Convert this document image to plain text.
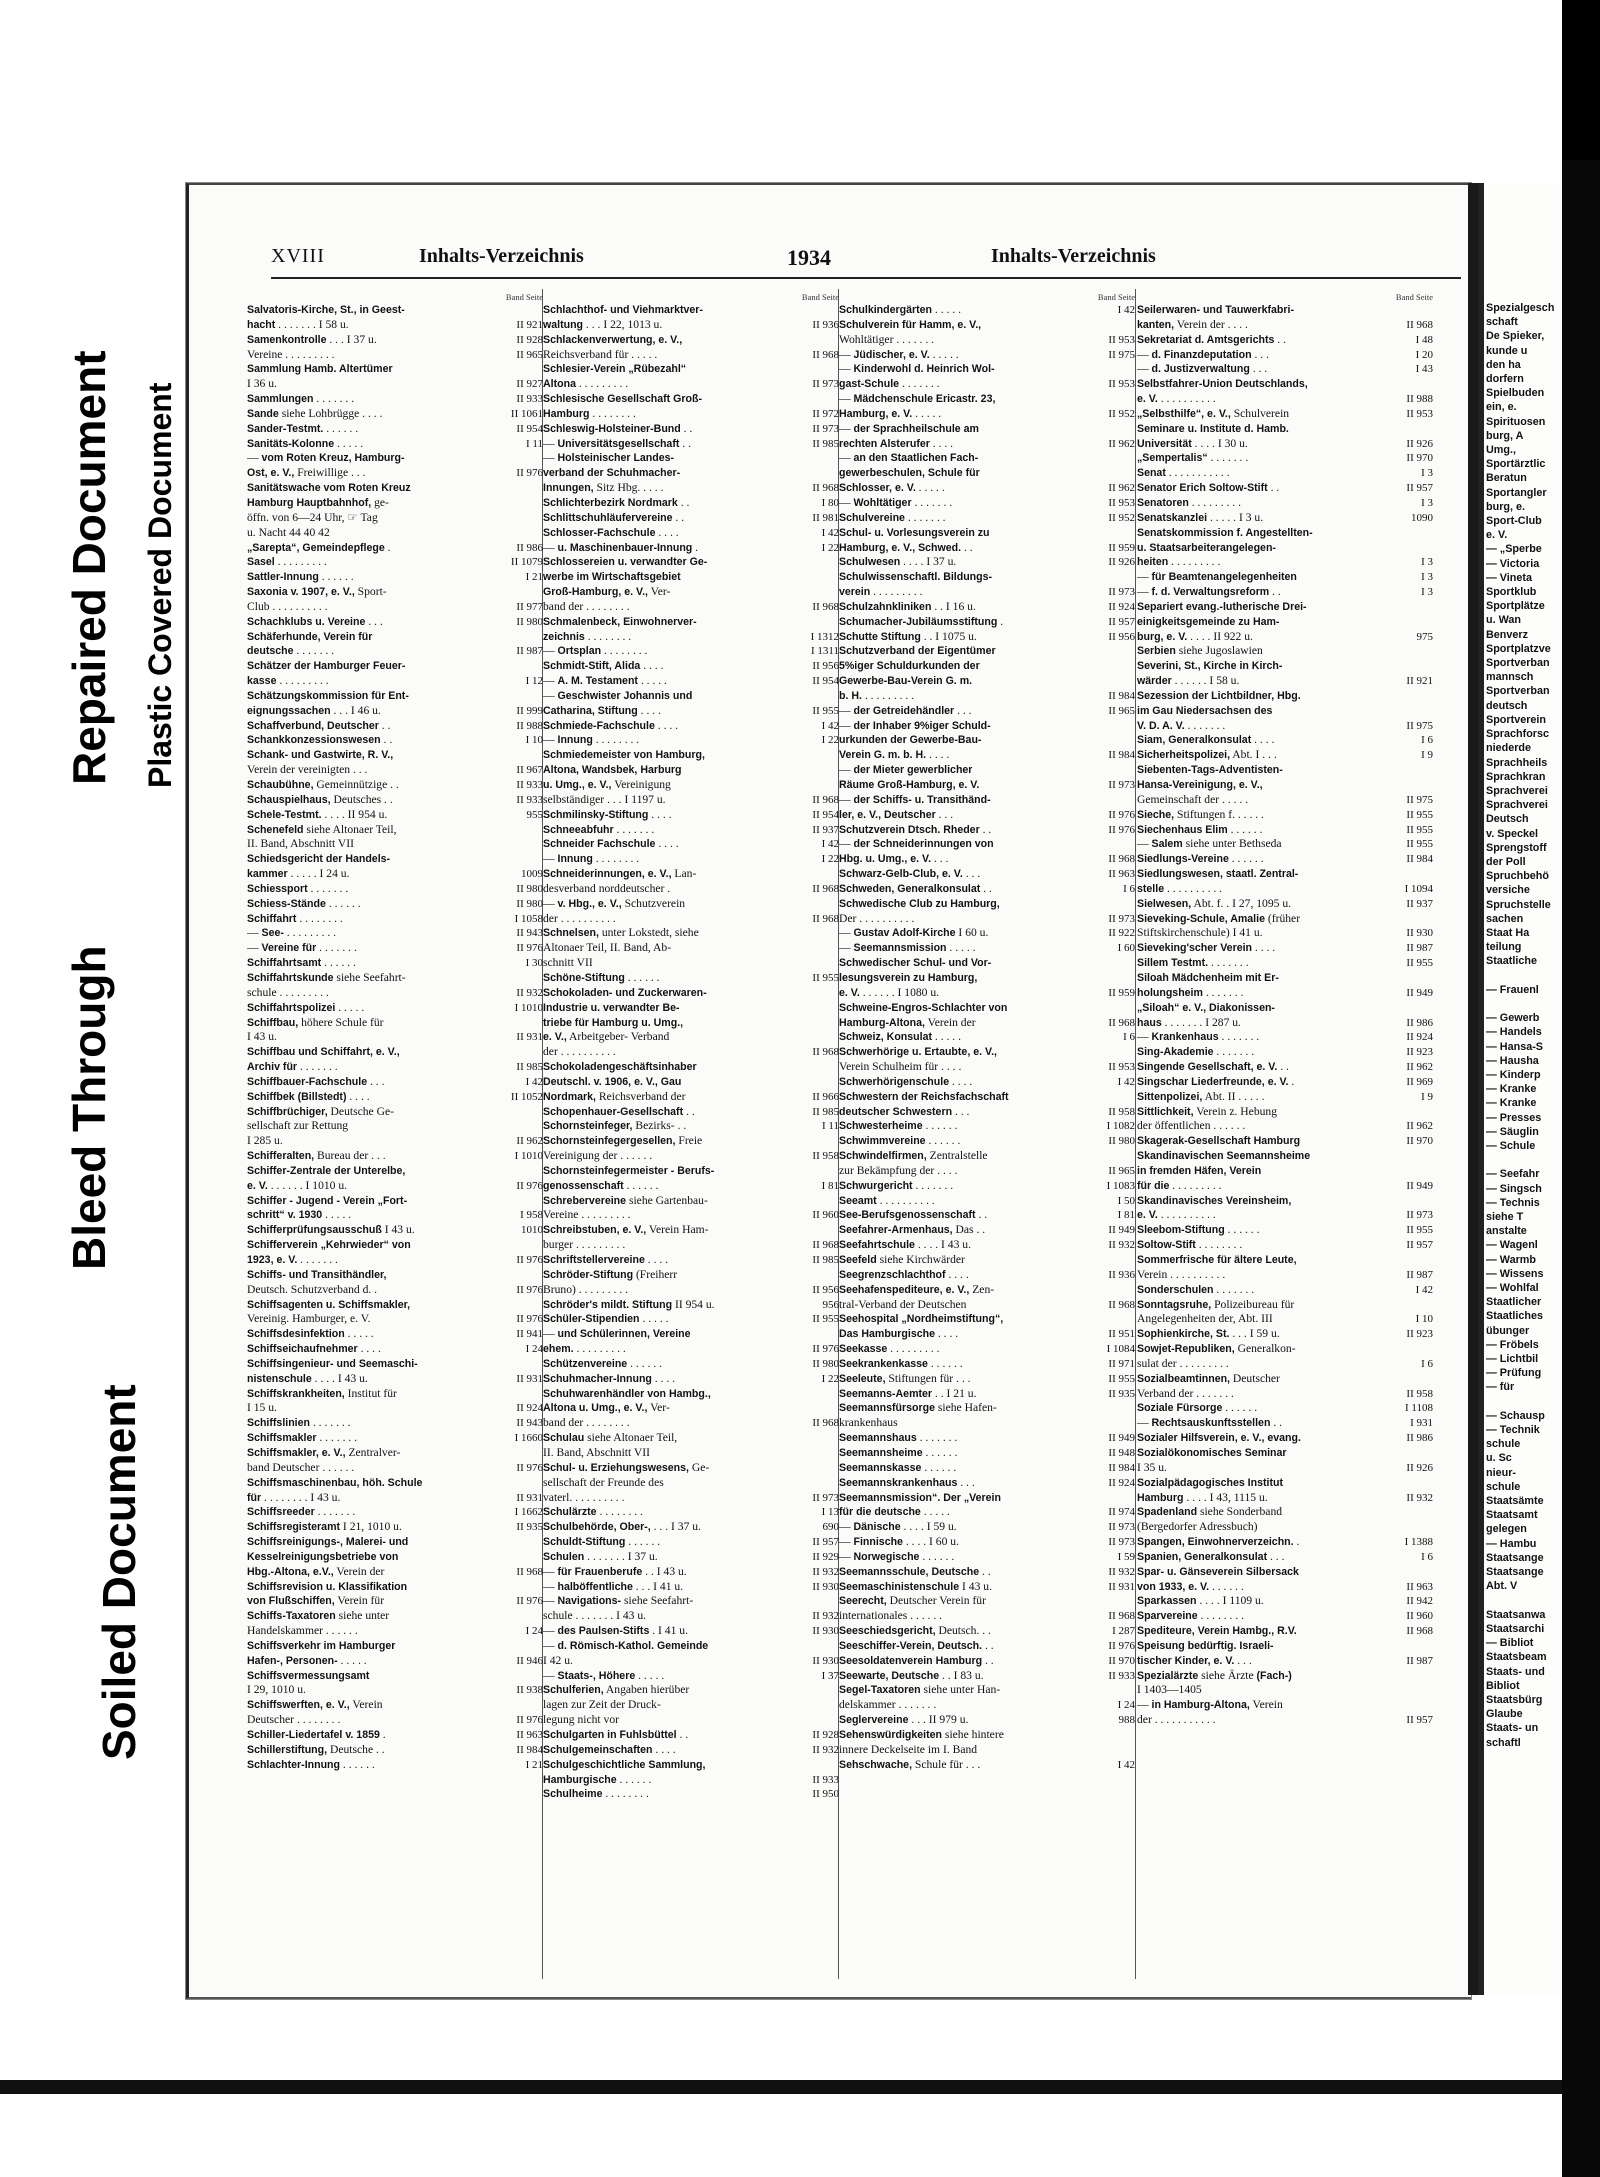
Soiled Document
Bleed Through
Repaired Document Plastic Covered Document
XVIII	Inhalts-Verzeichnis	1934	Inhalts-Verzeichnis
Band Seite
Salvatoris-Kirche, St., in Geest-
hacht . . . . . . . I 58 u.	II 921
Samenkontrolle . . . I 37 u.	II 928
Vereine . . . . . . . . .	II 965
Sammlung Hamb. Altertümer
I 36 u.	II 927
Sammlungen . . . . . . .	II 933
Sande siehe Lohbrügge . . . .	II 1061
Sander-Testmt. . . . . . .	II 954
Sanitäts-Kolonne . . . . .	I 11
— vom Roten Kreuz, Hamburg-
Ost, e. V., Freiwillige . . .	II 976
Sanitätswache vom Roten Kreuz
Hamburg Hauptbahnhof, ge-
öffn. von 6—24 Uhr, ☞ Tag
u. Nacht 44 40 42
„Sarepta“, Gemeindepflege .	II 986
Sasel . . . . . . . . .	II 1079
Sattler-Innung . . . . . .	I 21
Saxonia v. 1907, e. V., Sport-
Club . . . . . . . . . .	II 977
Schachklubs u. Vereine . . .	II 980
Schäferhunde, Verein für
deutsche . . . . . . .	II 987
Schätzer der Hamburger Feuer-
kasse . . . . . . . . .	I 12
Schätzungskommission für Ent-
eignungssachen . . . I 46 u.	II 999
Schaffverbund, Deutscher . .	II 988
Schankkonzessionswesen . .	I 10
Schank- und Gastwirte, R. V.,
Verein der vereinigten . . .	II 967
Schaubühne, Gemeinnützige . .	II 933
Schauspielhaus, Deutsches . .	II 933
Schele-Testmt. . . . . II 954 u.	955
Schenefeld siehe Altonaer Teil,
II. Band, Abschnitt VII
Schiedsgericht der Handels-
kammer . . . . . I 24 u.	1009
Schiessport . . . . . . .	II 980
Schiess-Stände . . . . . .	II 980
Schiffahrt . . . . . . . .	I 1058
— See- . . . . . . . . .	II 943
— Vereine für . . . . . . .	II 976
Schiffahrtsamt . . . . . .	I 30
Schiffahrtskunde siehe Seefahrt-
schule . . . . . . . . .	II 932
Schiffahrtspolizei . . . . .	I 1010
Schiffbau, höhere Schule für
I 43 u.	II 931
Schiffbau und Schiffahrt, e. V.,
Archiv für . . . . . . .	II 985
Schiffbauer-Fachschule . . .	I 42
Schiffbek (Billstedt) . . . .	II 1052
Schiffbrüchiger, Deutsche Ge-
sellschaft zur Rettung
I 285 u.	II 962
Schifferalten, Bureau der . . .	I 1010
Schiffer-Zentrale der Unterelbe,
e. V. . . . . . . I 1010 u.	II 976
Schiffer - Jugend - Verein „Fort-
schritt“ v. 1930 . . . . .	I 958
Schifferprüfungsausschuß I 43 u.	1010
Schifferverein „Kehrwieder“ von
1923, e. V. . . . . . . .	II 976
Schiffs- und Transithändler,
Deutsch. Schutzverband d. .	II 976
Schiffsagenten u. Schiffsmakler,
Vereinig. Hamburger, e. V.	II 976
Schiffsdesinfektion . . . . .	II 941
Schiffseichaufnehmer . . . .	I 24
Schiffsingenieur- und Seemaschi-
nistenschule . . . . I 43 u.	II 931
Schiffskrankheiten, Institut für
I 15 u.	II 924
Schiffslinien . . . . . . .	II 943
Schiffsmakler . . . . . . .	I 1660
Schiffsmakler, e. V., Zentralver-
band Deutscher . . . . . .	II 976
Schiffsmaschinenbau, höh. Schule
für . . . . . . . . I 43 u.	II 931
Schiffsreeder . . . . . . .	I 1662
Schiffsregisteramt I 21, 1010 u.	II 935
Schiffsreinigungs-, Malerei- und
Kesselreinigungsbetriebe von
Hbg.-Altona, e.V., Verein der	II 968
Schiffsrevision u. Klassifikation
von Flußschiffen, Verein für	II 976
Schiffs-Taxatoren siehe unter
Handelskammer . . . . . .	I 24
Schiffsverkehr im Hamburger
Hafen-, Personen- . . . . .	II 946
Schiffsvermessungsamt
I 29, 1010 u.	II 938
Schiffswerften, e. V., Verein
Deutscher . . . . . . . .	II 976
Schiller-Liedertafel v. 1859 .	II 963
Schillerstiftung, Deutsche . .	II 984
Schlachter-Innung . . . . . .	I 21
Band Seite
Schlachthof- und Viehmarktver-
waltung . . . I 22, 1013 u.	II 936
Schlackenverwertung, e. V.,
Reichsverband für . . . . .	II 968
Schlesier-Verein „Rübezahl“
Altona . . . . . . . . .	II 973
Schlesische Gesellschaft Groß-
Hamburg . . . . . . . .	II 972
Schleswig-Holsteiner-Bund . .	II 973
— Universitätsgesellschaft . .	II 985
— Holsteinischer Landes-
verband der Schuhmacher-
Innungen, Sitz Hbg. . . . .	II 968
Schlichterbezirk Nordmark . .	I 80
Schlittschuhläufervereine . .	II 981
Schlosser-Fachschule . . . .	I 42
— u. Maschinenbauer-Innung .	I 22
Schlossereien u. verwandter Ge-
werbe im Wirtschaftsgebiet
Groß-Hamburg, e. V., Ver-
band der . . . . . . . .	II 968
Schmalenbeck, Einwohnerver-
zeichnis . . . . . . . .	I 1312
— Ortsplan . . . . . . . .	I 1311
Schmidt-Stift, Alida . . . .	II 956
— A. M. Testament . . . . .	II 954
— Geschwister Johannis und
Catharina, Stiftung . . . .	II 955
Schmiede-Fachschule . . . .	I 42
— Innung . . . . . . . .	I 22
Schmiedemeister von Hamburg,
Altona, Wandsbek, Harburg
u. Umg., e. V., Vereinigung
selbständiger . . . I 1197 u.	II 968
Schmilinsky-Stiftung . . . .	II 954
Schneeabfuhr . . . . . . .	II 937
Schneider Fachschule . . . .	I 42
— Innung . . . . . . . .	I 22
Schneiderinnungen, e. V., Lan-
desverband norddeutscher .	II 968
— v. Hbg., e. V., Schutzverein
der . . . . . . . . . .	II 968
Schnelsen, unter Lokstedt, siehe
Altonaer Teil, II. Band, Ab-
schnitt VII
Schöne-Stiftung . . . . . .	II 955
Schokoladen- und Zuckerwaren-
Industrie u. verwandter Be-
triebe für Hamburg u. Umg.,
e. V., Arbeitgeber- Verband
der . . . . . . . . . .	II 968
Schokoladengeschäftsinhaber
Deutschl. v. 1906, e. V., Gau
Nordmark, Reichsverband der	II 966
Schopenhauer-Gesellschaft . .	II 985
Schornsteinfeger, Bezirks- . .	I 11
Schornsteinfegergesellen, Freie
Vereinigung der . . . . . .	II 958
Schornsteinfegermeister - Berufs-
genossenschaft . . . . . .	I 81
Schrebervereine siehe Gartenbau-
Vereine . . . . . . . . .	II 960
Schreibstuben, e. V., Verein Ham-
burger . . . . . . . . .	II 968
Schriftstellervereine . . . .	II 985
Schröder-Stiftung (Freiherr
Bruno) . . . . . . . . .	II 956
Schröder's mildt. Stiftung II 954 u.	956
Schüler-Stipendien . . . . .	II 955
— und Schülerinnen, Vereine
ehem. . . . . . . . . .	II 976
Schützenvereine . . . . . .	II 980
Schuhmacher-Innung . . . .	I 22
Schuhwarenhändler von Hambg.,
Altona u. Umg., e. V., Ver-
band der . . . . . . . .	II 968
Schulau siehe Altonaer Teil,
II. Band, Abschnitt VII
Schul- u. Erziehungswesens, Ge-
sellschaft der Freunde des
vaterl. . . . . . . . . .	II 973
Schulärzte . . . . . . . .	I 13
Schulbehörde, Ober-, . . . I 37 u.	690
Schuldt-Stiftung . . . . . .	II 957
Schulen . . . . . . . I 37 u.	II 929
— für Frauenberufe . . I 43 u.	II 932
— halböffentliche . . . I 41 u.	II 930
— Navigations- siehe Seefahrt-
schule . . . . . . . I 43 u.	II 932
— des Paulsen-Stifts . I 41 u.	II 930
— d. Römisch-Kathol. Gemeinde
I 42 u.	II 930
— Staats-, Höhere . . . . .	I 37
Schulferien, Angaben hierüber
lagen zur Zeit der Druck-
legung nicht vor
Schulgarten in Fuhlsbüttel . .	II 928
Schulgemeinschaften . . . .	II 932
Schulgeschichtliche Sammlung,
Hamburgische . . . . . .	II 933
Schulheime . . . . . . . .	II 950
Band Seite
Schulkindergärten . . . . .	I 42
Schulverein für Hamm, e. V.,
Wohltätiger . . . . . . .	II 953
— Jüdischer, e. V. . . . . .	II 975
— Kinderwohl d. Heinrich Wol-
gast-Schule . . . . . . .	II 953
— Mädchenschule Ericastr. 23,
Hamburg, e. V. . . . . .	II 952
— der Sprachheilschule am
rechten Alsterufer . . . .	II 962
— an den Staatlichen Fach-
gewerbeschulen, Schule für
Schlosser, e. V. . . . . .	II 962
— Wohltätiger . . . . . . .	II 953
Schulvereine . . . . . . .	II 952
Schul- u. Vorlesungsverein zu
Hamburg, e. V., Schwed. . .	II 959
Schulwesen . . . . I 37 u.	II 926
Schulwissenschaftl. Bildungs-
verein . . . . . . . . .	II 973
Schulzahnkliniken . . I 16 u.	II 924
Schumacher-Jubiläumsstiftung .	II 957
Schutte Stiftung . . I 1075 u.	II 956
Schutzverband der Eigentümer
5%iger Schuldurkunden der
Gewerbe-Bau-Verein G. m.
b. H. . . . . . . . . .	II 984
— der Getreidehändler . . .	II 965
— der Inhaber 9%iger Schuld-
urkunden der Gewerbe-Bau-
Verein G. m. b. H. . . . .	II 984
— der Mieter gewerblicher
Räume Groß-Hamburg, e. V.	II 973
— der Schiffs- u. Transithänd-
ler, e. V., Deutscher . . .	II 976
Schutzverein Dtsch. Rheder . .	II 976
— der Schneiderinnungen von
Hbg. u. Umg., e. V. . . .	II 968
Schwarz-Gelb-Club, e. V. . . .	II 963
Schweden, Generalkonsulat . .	I 6
Schwedische Club zu Hamburg,
Der . . . . . . . . . .	II 973
— Gustav Adolf-Kirche I 60 u.	II 922
— Seemannsmission . . . . .	I 60
Schwedischer Schul- und Vor-
lesungsverein zu Hamburg,
e. V. . . . . . . I 1080 u.	II 959
Schweine-Engros-Schlachter von
Hamburg-Altona, Verein der	II 968
Schweiz, Konsulat . . . . .	I 6
Schwerhörige u. Ertaubte, e. V.,
Verein Schulheim für . . . .	II 953
Schwerhörigenschule . . . .	I 42
Schwestern der Reichsfachschaft
deutscher Schwestern . . .	II 958
Schwesterheime . . . . . .	I 1082
Schwimmvereine . . . . . .	II 980
Schwindelfirmen, Zentralstelle
zur Bekämpfung der . . . .	II 965
Schwurgericht . . . . . . .	I 1083
Seeamt . . . . . . . . . .	I 50
See-Berufsgenossenschaft . .	I 81
Seefahrer-Armenhaus, Das . .	II 949
Seefahrtschule . . . . I 43 u.	II 932
Seefeld siehe Kirchwärder
Seegrenzschlachthof . . . .	II 936
Seehafenspediteure, e. V., Zen-
tral-Verband der Deutschen	II 968
Seehospital „Nordheimstiftung“,
Das Hamburgische . . . .	II 951
Seekasse . . . . . . . . .	I 1084
Seekrankenkasse . . . . . .	II 971
Seeleute, Stiftungen für . . .	II 955
Seemanns-Aemter . . I 21 u.	II 935
Seemannsfürsorge siehe Hafen-
krankenhaus
Seemannshaus . . . . . . .	II 949
Seemannsheime . . . . . .	II 948
Seemannskasse . . . . . .	II 984
Seemannskrankenhaus . . .	II 924
Seemannsmission“. Der „Verein
für die deutsche . . . . .	II 974
— Dänische . . . . I 59 u.	II 973
— Finnische . . . . I 60 u.	II 973
— Norwegische . . . . . .	I 59
Seemannsschule, Deutsche . .	II 932
Seemaschinistenschule I 43 u.	II 931
Seerecht, Deutscher Verein für
internationales . . . . . .	II 968
Seeschiedsgericht, Deutsch. . .	I 287
Seeschiffer-Verein, Deutsch. . .	II 976
Seesoldatenverein Hamburg . .	II 970
Seewarte, Deutsche . . I 83 u.	II 933
Segel-Taxatoren siehe unter Han-
delskammer . . . . . . .	I 24
Seglervereine . . . II 979 u.	988
Sehenswürdigkeiten siehe hintere
innere Deckelseite im I. Band
Sehschwache, Schule für . . .	I 42
Band Seite
Seilerwaren- und Tauwerkfabri-
kanten, Verein der . . . .	II 968
Sekretariat d. Amtsgerichts . .	I 48
— d. Finanzdeputation . . .	I 20
— d. Justizverwaltung . . .	I 43
Selbstfahrer-Union Deutschlands,
e. V. . . . . . . . . . .	II 988
„Selbsthilfe“, e. V., Schulverein	II 953
Seminare u. Institute d. Hamb.
Universität . . . . I 30 u.	II 926
„Sempertalis“ . . . . . . .	II 970
Senat . . . . . . . . . . .	I 3
Senator Erich Soltow-Stift . .	II 957
Senatoren . . . . . . . . .	I 3
Senatskanzlei . . . . . I 3 u.	1090
Senatskommission f. Angestellten-
u. Staatsarbeiterangelegen-
heiten . . . . . . . . .	I 3
— für Beamtenangelegenheiten	I 3
— f. d. Verwaltungsreform . .	I 3
Separiert evang.-lutherische Drei-
einigkeitsgemeinde zu Ham-
burg, e. V. . . . . II 922 u.	975
Serbien siehe Jugoslawien
Severini, St., Kirche in Kirch-
wärder . . . . . . I 58 u.	II 921
Sezession der Lichtbildner, Hbg.
im Gau Niedersachsen des
V. D. A. V. . . . . . . .	II 975
Siam, Generalkonsulat . . . .	I 6
Sicherheitspolizei, Abt. I . . .	I 9
Siebenten-Tags-Adventisten-
Hansa-Vereinigung, e. V.,
Gemeinschaft der . . . . .	II 975
Sieche, Stiftungen f. . . . . .	II 955
Siechenhaus Elim . . . . . .	II 955
— Salem siehe unter Bethseda	II 955
Siedlungs-Vereine . . . . . .	II 984
Siedlungswesen, staatl. Zentral-
stelle . . . . . . . . . .	I 1094
Sielwesen, Abt. f. . I 27, 1095 u.	II 937
Sieveking-Schule, Amalie (früher
Stiftskirchenschule) I 41 u.	II 930
Sieveking'scher Verein . . . .	II 987
Sillem Testmt. . . . . . . .	II 955
Siloah Mädchenheim mit Er-
holungsheim . . . . . . .	II 949
„Siloah“ e. V., Diakonissen-
haus . . . . . . . I 287 u.	II 986
— Krankenhaus . . . . . . .	II 924
Sing-Akademie . . . . . . .	II 923
Singende Gesellschaft, e. V. . .	II 962
Singschar Liederfreunde, e. V. .	II 969
Sittenpolizei, Abt. II . . . . .	I 9
Sittlichkeit, Verein z. Hebung
der öffentlichen . . . . . .	II 962
Skagerak-Gesellschaft Hamburg	II 970
Skandinavischen Seemannsheime
in fremden Häfen, Verein
für die . . . . . . . . .	II 949
Skandinavisches Vereinsheim,
e. V. . . . . . . . . . .	II 973
Sleebom-Stiftung . . . . . .	II 955
Soltow-Stift . . . . . . . .	II 957
Sommerfrische für ältere Leute,
Verein . . . . . . . . . .	II 987
Sonderschulen . . . . . . .	I 42
Sonntagsruhe, Polizeibureau für
Angelegenheiten der, Abt. III	I 10
Sophienkirche, St. . . . I 59 u.	II 923
Sowjet-Republiken, Generalkon-
sulat der . . . . . . . . .	I 6
Sozialbeamtinnen, Deutscher
Verband der . . . . . . .	II 958
Soziale Fürsorge . . . . . .	I 1108
— Rechtsauskunftsstellen . .	I 931
Sozialer Hilfsverein, e. V., evang.	II 986
Sozialökonomisches Seminar
I 35 u.	II 926
Sozialpädagogisches Institut
Hamburg . . . . I 43, 1115 u.	II 932
Spadenland siehe Sonderband
(Bergedorfer Adressbuch)
Spangen, Einwohnerverzeichn. .	I 1388
Spanien, Generalkonsulat . . .	I 6
Spar- u. Gänseverein Silbersack
von 1933, e. V. . . . . . .	II 963
Sparkassen . . . . I 1109 u.	II 942
Sparvereine . . . . . . . .	II 960
Spediteure, Verein Hambg., R.V.	II 968
Speisung bedürftig. Israeli-
tischer Kinder, e. V. . . .	II 987
Spezialärzte siehe Ärzte (Fach-)
I 1403—1405
— in Hamburg-Altona, Verein
der . . . . . . . . . . .	II 957
Spezialgesch
schaft
De Spieker,
kunde u
den ha
dorfern
Spielbuden
ein, e.
Spirituosen
burg, A
Umg.,
Sportärztlic
Beratun
Sportangler
burg, e.
Sport-Club
e. V.
— „Sperbe
— Victoria
— Vineta
Sportklub
Sportplätze
u. Wan
Benverz
Sportplatzve
Sportverban
mannsch
Sportverban
deutsch
Sportverein
Sprachforsc
niederde
Sprachheils
Sprachkran
Sprachverei
Sprachverei
Deutsch
v. Speckel
Sprengstoff
der Poll
Spruchbehö
versiche
Spruchstelle
sachen
Staat Ha
teilung
Staatliche

— Frauenl

— Gewerb
— Handels
— Hansa-S
— Hausha
— Kinderp
— Kranke
— Kranke
— Presses
— Säuglin
— Schule

— Seefahr
— Singsch
— Technis
siehe T
anstalte
— Wagenl
— Warmb
— Wissens
— Wohlfal
Staatlicher
Staatliches
übunger
— Fröbels
— Lichtbil
— Prüfung
— für

— Schausp
— Technik
schule
u. Sc
nieur-
schule
Staatsämte
Staatsamt
gelegen
— Hambu
Staatsange
Staatsange
Abt. V

Staatsanwa
Staatsarchi
— Bibliot
Staatsbeam
Staats- und
Bibliot
Staatsbürg
Glaube
Staats- un
schaftl
